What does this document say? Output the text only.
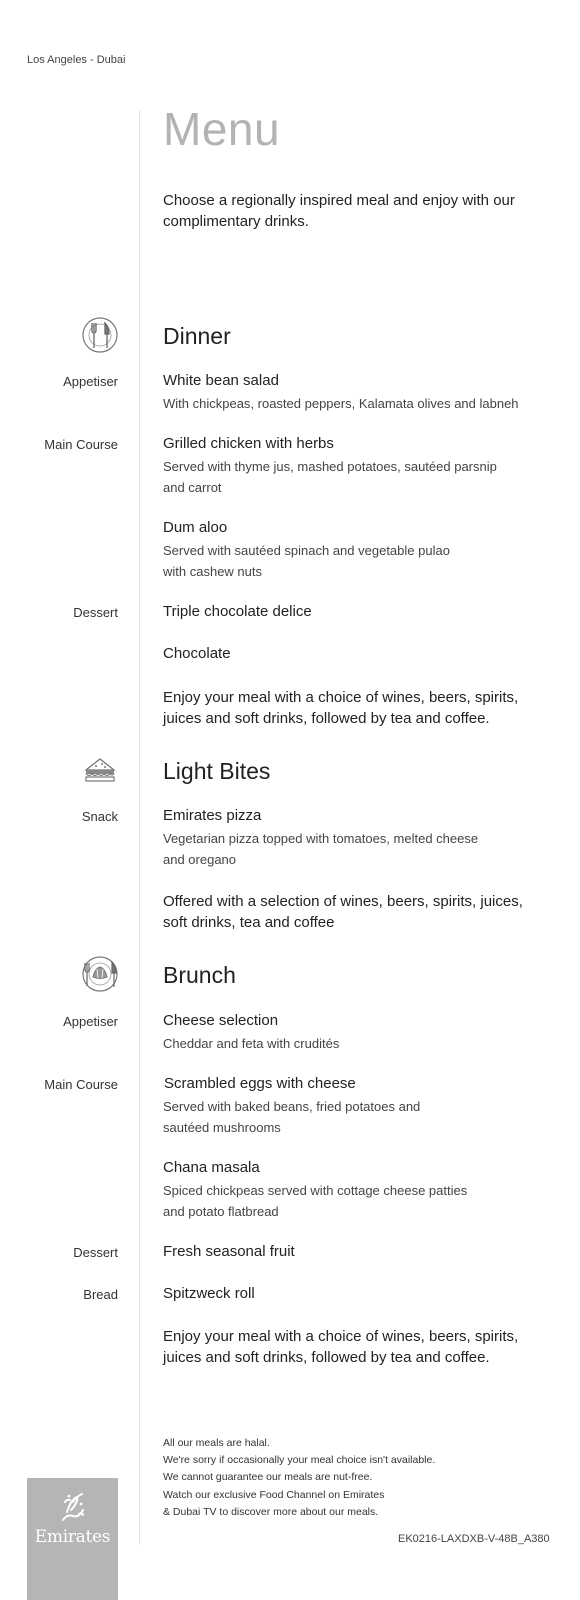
Los Angeles - Dubai
Menu
Choose a regionally inspired meal and enjoy with our complimentary drinks.
Dinner
Appetiser	White bean salad
With chickpeas, roasted peppers, Kalamata olives and labneh
Main Course	Grilled chicken with herbs
Served with thyme jus, mashed potatoes, sautéed parsnip
and carrot
Dum aloo
Served with sautéed spinach and vegetable pulao
with cashew nuts
Dessert	Triple chocolate delice
Chocolate
Enjoy your meal with a choice of wines, beers, spirits,
juices and soft drinks, followed by tea and coffee.
Light Bites
Snack	Emirates pizza
Vegetarian pizza topped with tomatoes, melted cheese
and oregano
Offered with a selection of wines, beers, spirits, juices,
soft drinks, tea and coffee
Brunch
Appetiser	Cheese selection
Cheddar and feta with crudités
Main Course	Scrambled eggs with cheese
Served with baked beans, fried potatoes and
sautéed mushrooms
Chana masala
Spiced chickpeas served with cottage cheese patties
and potato flatbread
Dessert	Fresh seasonal fruit
Bread	Spitzweck roll
Enjoy your meal with a choice of wines, beers, spirits,
juices and soft drinks, followed by tea and coffee.
All our meals are halal.
We're sorry if occasionally your meal choice isn't available.
We cannot guarantee our meals are nut-free.
Watch our exclusive Food Channel on Emirates
& Dubai TV to discover more about our meals.
EK0216-LAXDXB-V-48B_A380
Emirates
